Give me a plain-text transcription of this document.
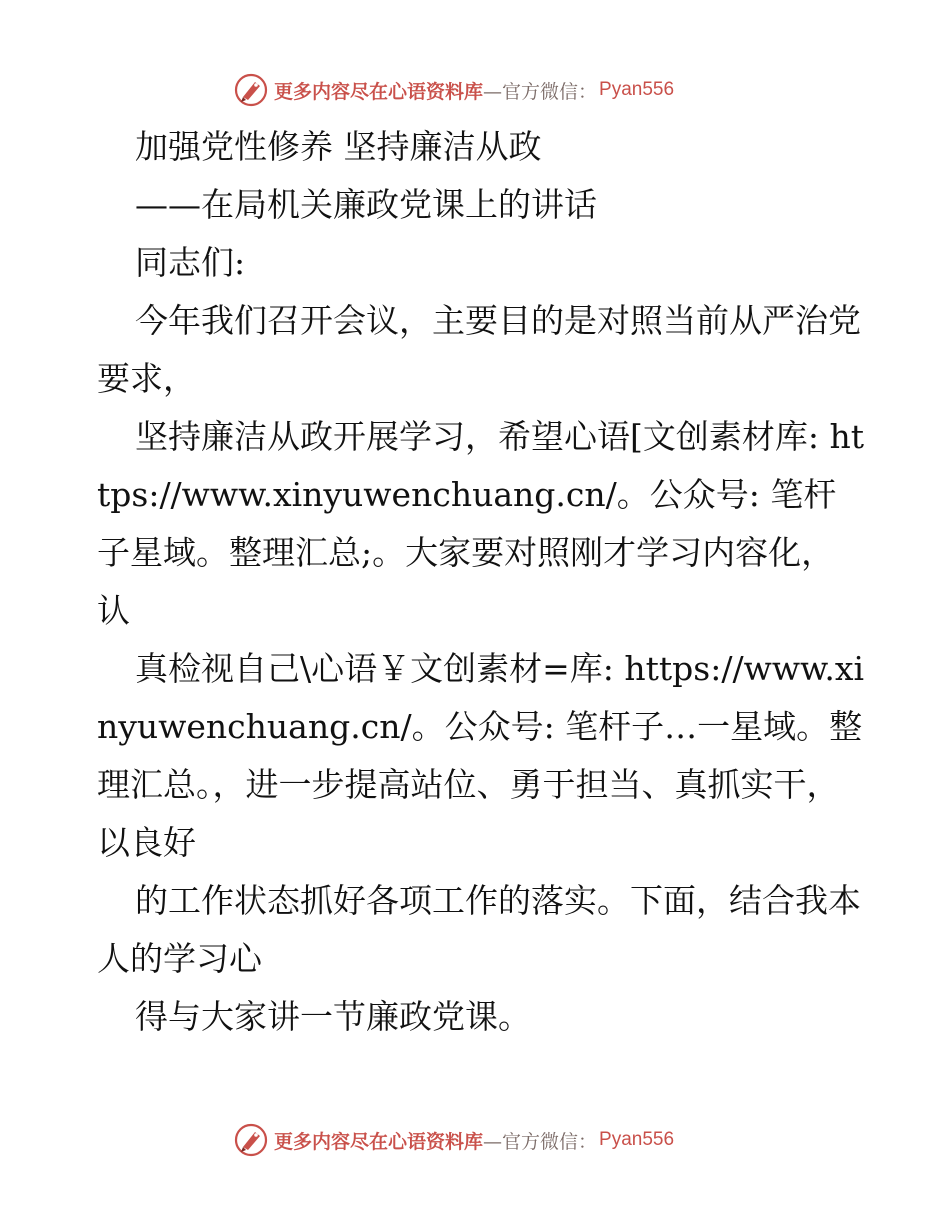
更多内容尽在心语资料库 —官方微信： Pyan556

加强党性修养 坚持廉洁从政

——在局机关廉政党课上的讲话

同志们:

今年我们召开会议，主要目的是对照当前从严治党要求，

坚持廉洁从政开展学习，希望心语[文创素材库: https://www.xinyuwenchuang.cn/。公众号: 笔杆子星域。整理汇总;。大家要对照刚才学习内容化，认

真检视自己\心语￥文创素材=库: https://www.xinyuwenchuang.cn/。公众号: 笔杆子…一星域。整理汇总。，进一步提高站位、勇于担当、真抓实干，以良好

的工作状态抓好各项工作的落实。下面，结合我本人的学习心

得与大家讲一节廉政党课。

更多内容尽在心语资料库 —官方微信： Pyan556
